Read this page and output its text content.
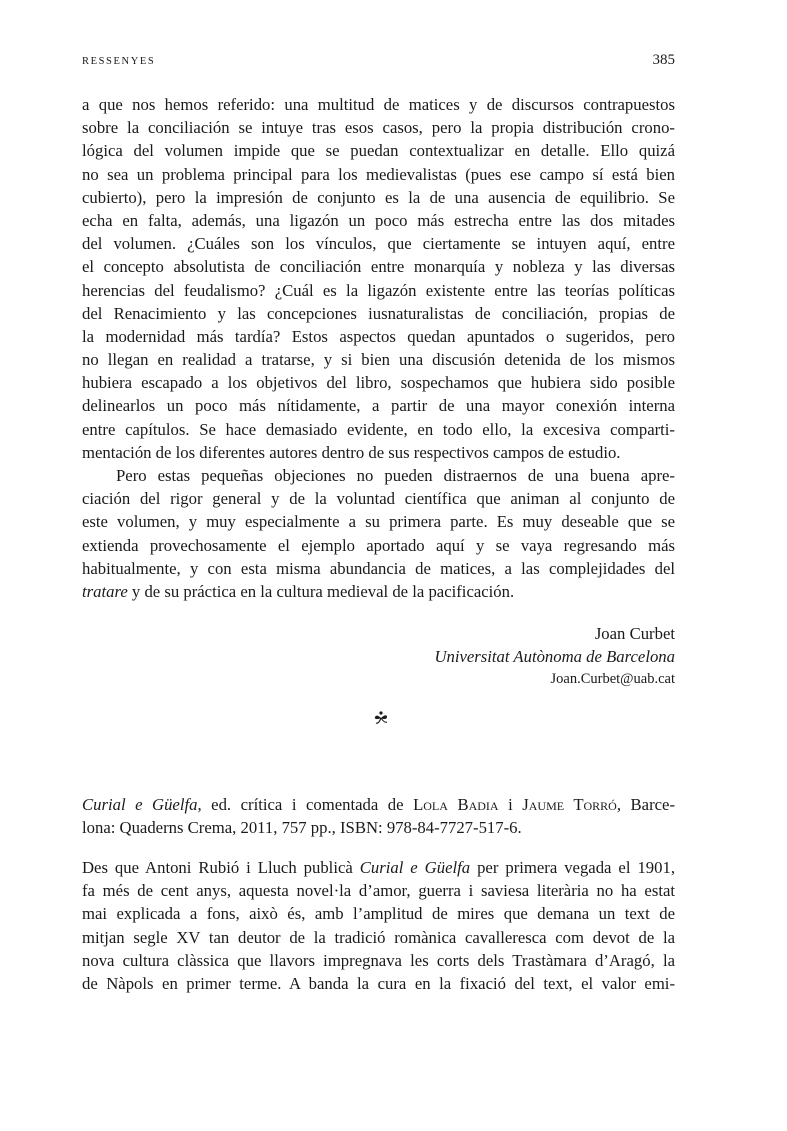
RESSENYES	385
a que nos hemos referido: una multitud de matices y de discursos contrapuestos
sobre la conciliación se intuye tras esos casos, pero la propia distribución crono-
lógica del volumen impide que se puedan contextualizar en detalle. Ello quizá
no sea un problema principal para los medievalistas (pues ese campo sí está bien
cubierto), pero la impresión de conjunto es la de una ausencia de equilibrio. Se
echa en falta, además, una ligazón un poco más estrecha entre las dos mitades
del volumen. ¿Cuáles son los vínculos, que ciertamente se intuyen aquí, entre
el concepto absolutista de conciliación entre monarquía y nobleza y las diversas
herencias del feudalismo? ¿Cuál es la ligazón existente entre las teorías políticas
del Renacimiento y las concepciones iusnaturalistas de conciliación, propias de
la modernidad más tardía? Estos aspectos quedan apuntados o sugeridos, pero
no llegan en realidad a tratarse, y si bien una discusión detenida de los mismos
hubiera escapado a los objetivos del libro, sospechamos que hubiera sido posible
delinearlos un poco más nítidamente, a partir de una mayor conexión interna
entre capítulos. Se hace demasiado evidente, en todo ello, la excesiva comparti-
mentación de los diferentes autores dentro de sus respectivos campos de estudio.
Pero estas pequeñas objeciones no pueden distraernos de una buena apre-
ciación del rigor general y de la voluntad científica que animan al conjunto de
este volumen, y muy especialmente a su primera parte. Es muy deseable que se
extienda provechosamente el ejemplo aportado aquí y se vaya regresando más
habitualmente, y con esta misma abundancia de matices, a las complejidades del
tratare y de su práctica en la cultura medieval de la pacificación.
Joan Curbet
Universitat Autònoma de Barcelona
Joan.Curbet@uab.cat
Curial e Güelfa, ed. crítica i comentada de Lola Badia i Jaume Torró, Barce-
lona: Quaderns Crema, 2011, 757 pp., ISBN: 978-84-7727-517-6.
Des que Antoni Rubió i Lluch publicà Curial e Güelfa per primera vegada el 1901,
fa més de cent anys, aquesta novel·la d’amor, guerra i saviesa literària no ha estat
mai explicada a fons, això és, amb l’amplitud de mires que demana un text de
mitjan segle XV tan deutor de la tradició romànica cavalleresca com devot de la
nova cultura clàssica que llavors impregnava les corts dels Trastàmara d’Aragó, la
de Nàpols en primer terme. A banda la cura en la fixació del text, el valor emi-
